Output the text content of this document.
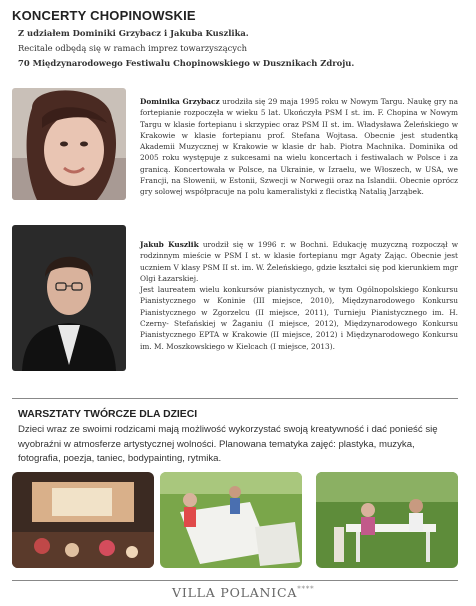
KONCERTY CHOPINOWSKIE
Z udziałem Dominiki Grzybacz i Jakuba Kuszlika.
Recitale odbędą się w ramach imprez towarzyszących
70 Międzynarodowego Festiwalu Chopinowskiego w Dusznikach Zdroju.

Dominika Grzybacz urodziła się 29 maja 1995 roku w Nowym Targu. Naukę gry na fortepianie rozpoczęła w wieku 5 lat. Ukończyła PSM I st. im. F. Chopina w Nowym Targu w klasie fortepianu i skrzypiec oraz PSM II st. im. Władysława Żeleńskiego w Krakowie w klasie fortepianu prof. Stefana Wojtasa. Obecnie jest studentką Akademii Muzycznej w Krakowie w klasie dr hab. Piotra Machnika. Dominika od 2005 roku występuje z sukcesami na wielu koncertach i festiwalach w Polsce i za granicą. Koncertowała w Polsce, na Ukrainie, w Izraelu, we Włoszech, w USA, we Francji, na Słowenii, w Estonii, Szwecji w Norwegii oraz na Islandii. Obecnie oprócz gry solowej współpracuje na polu kameralistyki z flecistką Natalią Jarząbek.

Jakub Kuszlik urodził się w 1996 r. w Bochni. Edukację muzyczną rozpoczął w rodzinnym mieście w PSM I st. w klasie fortepianu mgr Agaty Zając. Obecnie jest uczniem V klasy PSM II st. im. W. Żeleńskiego, gdzie kształci się pod kierunkiem mgr Olgi Łazarskiej.

Jest laureatem wielu konkursów pianistycznych, w tym Ogólnopolskiego Konkursu Pianistycznego w Koninie (III miejsce, 2010), Międzynarodowego Konkursu Pianistycznego w Zgorzelcu (II miejsce, 2011), Turnieju Pianistycznego im. H. Czerny- Stefańskiej w Żaganiu (I miejsce, 2012), Międzynarodowego Konkursu Pianistycznego EPTA w Krakowie (II miejsce, 2012) i Międzynarodowego Konkursu im. M. Moszkowskiego w Kielcach (I miejsce, 2013).

WARSZTATY TWÓRCZE DLA DZIECI
Dzieci wraz ze swoimi rodzicami mają możliwość wykorzystać swoją kreatywność i dać ponieść się wyobraźni w atmosferze artystycznej wolności. Planowana tematyka zajęć: plastyka, muzyka, fotografia, poezja, taniec, bodypainting, rytmika.
VILLA POLANICA****
